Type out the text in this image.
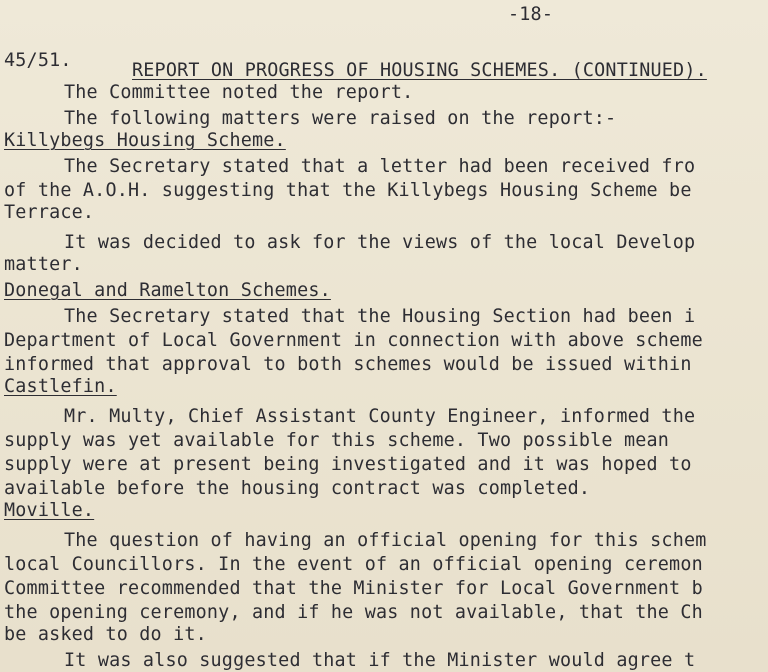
-18-
45/51.	REPORT ON PROGRESS OF HOUSING SCHEMES. (CONTINUED).
The Committee noted the report.
The following matters were raised on the report:-
Killybegs Housing Scheme.
The Secretary stated that a letter had been received fro
of the A.O.H. suggesting that the Killybegs Housing Scheme be
Terrace.
It was decided to ask for the views of the local Develop
matter.
Donegal and Ramelton Schemes.
The Secretary stated that the Housing Section had been i
Department of Local Government in connection with above scheme
informed that approval to both schemes would be issued within
Castlefin.
Mr. Multy, Chief Assistant County Engineer, informed the
supply was yet available for this scheme. Two possible mean
supply were at present being investigated and it was hoped to
available before the housing contract was completed.
Moville.
The question of having an official opening for this schem
local Councillors. In the event of an official opening ceremon
Committee recommended that the Minister for Local Government b
the opening ceremony, and if he was not available, that the Ch
be asked to do it.
It was also suggested that if the Minister would agree t
